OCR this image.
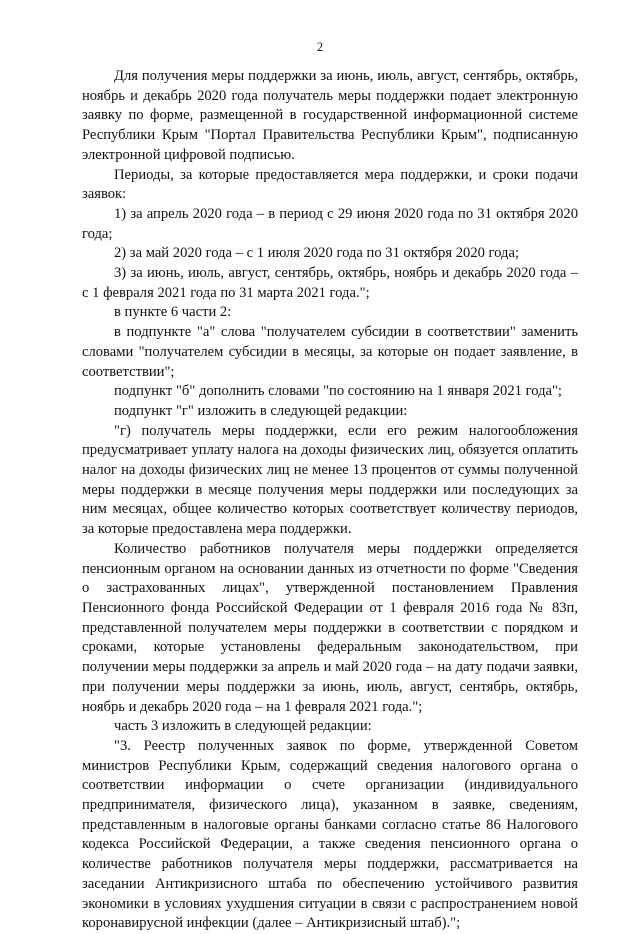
2

Для получения меры поддержки за июнь, июль, август, сентябрь, октябрь, ноябрь и декабрь 2020 года получатель меры поддержки подает электронную заявку по форме, размещенной в государственной информационной системе Республики Крым "Портал Правительства Республики Крым", подписанную электронной цифровой подписью.

Периоды, за которые предоставляется мера поддержки, и сроки подачи заявок:

1) за апрель 2020 года – в период с 29 июня 2020 года по 31 октября 2020 года;

2) за май 2020 года – с 1 июля 2020 года по 31 октября 2020 года;

3) за июнь, июль, август, сентябрь, октябрь, ноябрь и декабрь 2020 года – с 1 февраля 2021 года по 31 марта 2021 года.";

в пункте 6 части 2:

в подпункте "а" слова "получателем субсидии в соответствии" заменить словами "получателем субсидии в месяцы, за которые он подает заявление, в соответствии";

подпункт "б" дополнить словами "по состоянию на 1 января 2021 года";

подпункт "г" изложить в следующей редакции:

"г) получатель меры поддержки, если его режим налогообложения предусматривает уплату налога на доходы физических лиц, обязуется оплатить налог на доходы физических лиц не менее 13 процентов от суммы полученной меры поддержки в месяце получения меры поддержки или последующих за ним месяцах, общее количество которых соответствует количеству периодов, за которые предоставлена мера поддержки.

Количество работников получателя меры поддержки определяется пенсионным органом на основании данных из отчетности по форме "Сведения о застрахованных лицах", утвержденной постановлением Правления Пенсионного фонда Российской Федерации от 1 февраля 2016 года № 83п, представленной получателем меры поддержки в соответствии с порядком и сроками, которые установлены федеральным законодательством, при получении меры поддержки за апрель и май 2020 года – на дату подачи заявки, при получении меры поддержки за июнь, июль, август, сентябрь, октябрь, ноябрь и декабрь 2020 года – на 1 февраля 2021 года.";

часть 3 изложить в следующей редакции:

"3. Реестр полученных заявок по форме, утвержденной Советом министров Республики Крым, содержащий сведения налогового органа о соответствии информации о счете организации (индивидуального предпринимателя, физического лица), указанном в заявке, сведениям, представленным в налоговые органы банками согласно статье 86 Налогового кодекса Российской Федерации, а также сведения пенсионного органа о количестве работников получателя меры поддержки, рассматривается на заседании Антикризисного штаба по обеспечению устойчивого развития экономики в условиях ухудшения ситуации в связи с распространением новой коронавирусной инфекции (далее – Антикризисный штаб).";
